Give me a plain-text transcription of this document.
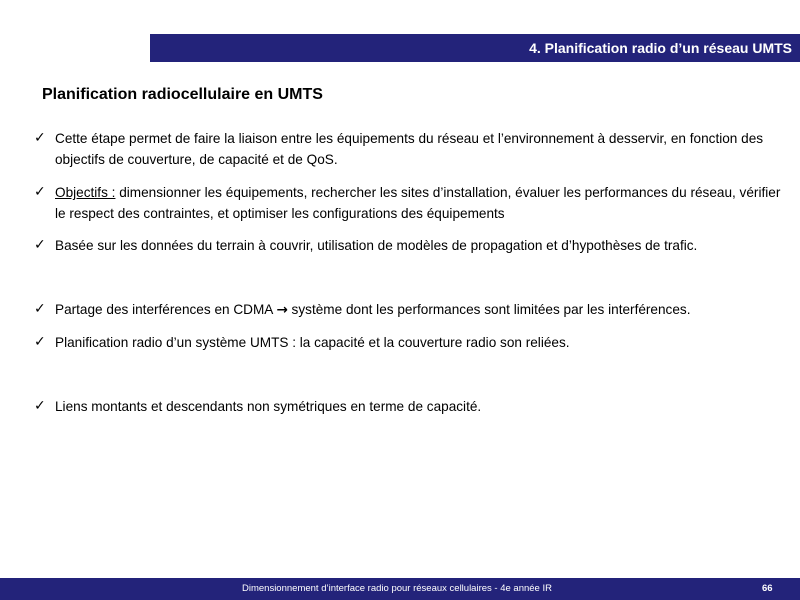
4. Planification radio d’un réseau UMTS
Planification radiocellulaire en UMTS
✓ Cette étape permet de faire la liaison entre les équipements du réseau et l’environnement à desservir, en fonction des objectifs de couverture, de capacité et de QoS.
✓ Objectifs : dimensionner les équipements, rechercher les sites d’installation, évaluer les performances du réseau, vérifier le respect des contraintes, et optimiser les configurations des équipements
✓ Basée sur les données du terrain à couvrir, utilisation de modèles de propagation et d’hypothèses de trafic.
✓ Partage des interférences en CDMA → système dont les performances sont limitées par les interférences.
✓ Planification radio d’un système UMTS : la capacité et la couverture radio son reliées.
✓ Liens montants et descendants non symétriques en terme de capacité.
Dimensionnement d’interface radio pour réseaux cellulaires - 4e année IR	66
